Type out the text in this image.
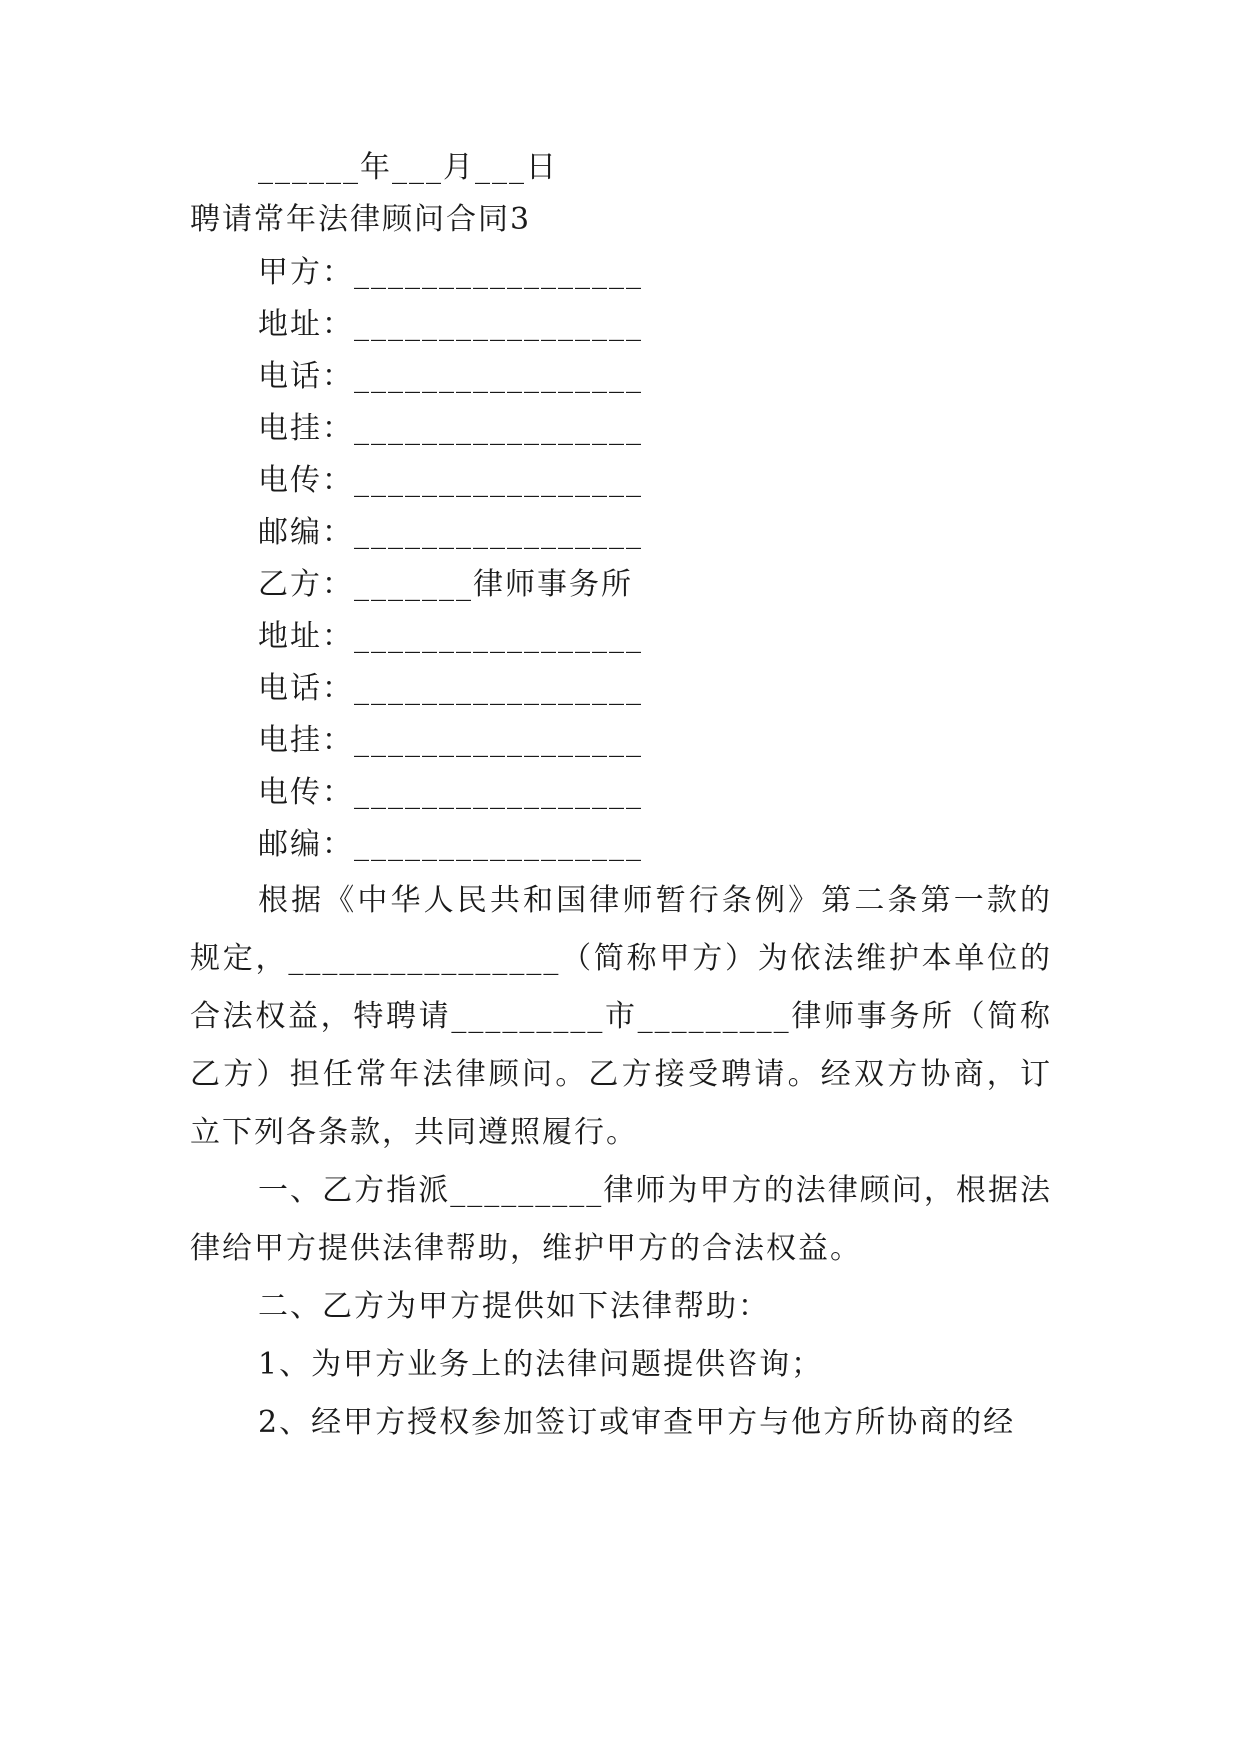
______年___月___日
聘请常年法律顾问合同3
甲方：_________________
地址：_________________
电话：_________________
电挂：_________________
电传：_________________
邮编：_________________
乙方：_______律师事务所
地址：_________________
电话：_________________
电挂：_________________
电传：_________________
邮编：_________________
根据《中华人民共和国律师暂行条例》第二条第一款的规定，________________（简称甲方）为依法维护本单位的合法权益，特聘请_________市_________律师事务所（简称乙方）担任常年法律顾问。乙方接受聘请。经双方协商，订立下列各条款，共同遵照履行。
一、乙方指派_________律师为甲方的法律顾问，根据法律给甲方提供法律帮助，维护甲方的合法权益。
二、乙方为甲方提供如下法律帮助：
1、为甲方业务上的法律问题提供咨询；
2、经甲方授权参加签订或审查甲方与他方所协商的经
